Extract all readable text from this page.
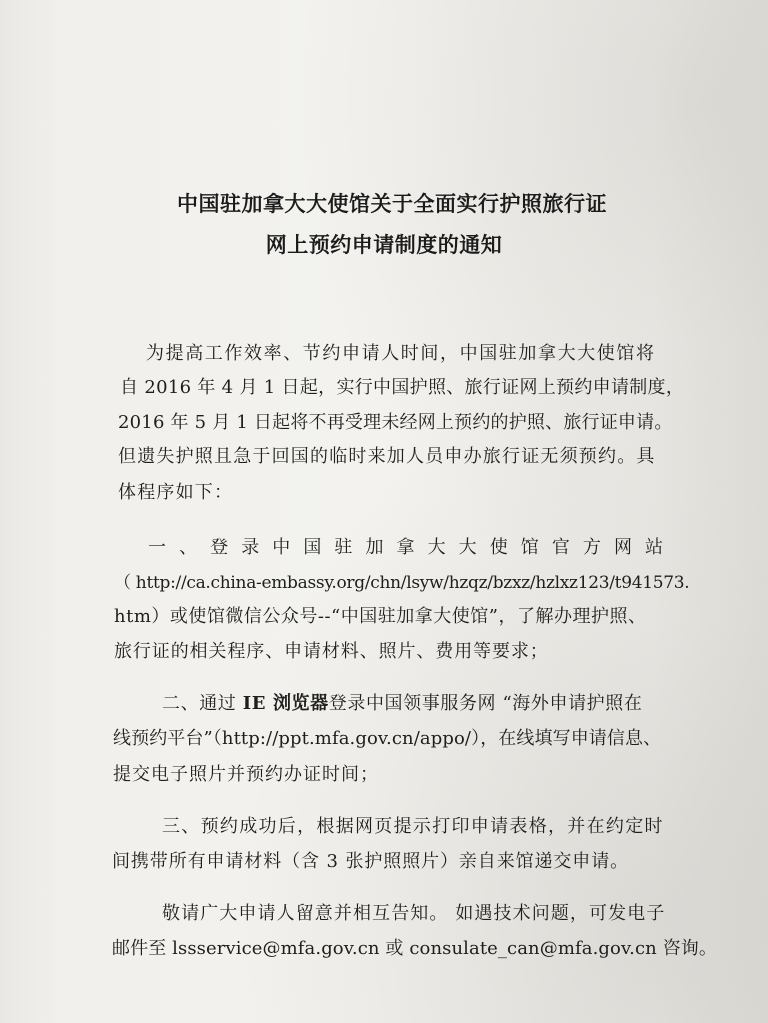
中国驻加拿大大使馆关于全面实行护照旅行证
网上预约申请制度的通知
为提高工作效率、节约申请人时间，中国驻加拿大大使馆将
自 2016 年 4 月 1 日起，实行中国护照、旅行证网上预约申请制度，
2016 年 5 月 1 日起将不再受理未经网上预约的护照、旅行证申请。
但遗失护照且急于回国的临时来加人员申办旅行证无须预约。具
体程序如下：
一 、 登 录 中 国 驻 加 拿 大 大 使 馆 官 方 网 站
（ http://ca.china-embassy.org/chn/lsyw/hzqz/bzxz/hzlxz123/t941573.
htm）或使馆微信公众号--“中国驻加拿大使馆”，了解办理护照、
旅行证的相关程序、申请材料、照片、费用等要求；
二、通过 IE 浏览器登录中国领事服务网 “海外申请护照在
线预约平台”（http://ppt.mfa.gov.cn/appo/），在线填写申请信息、
提交电子照片并预约办证时间；
三、预约成功后，根据网页提示打印申请表格，并在约定时
间携带所有申请材料（含 3 张护照照片）亲自来馆递交申请。
敬请广大申请人留意并相互告知。 如遇技术问题，可发电子
邮件至 lssservice@mfa.gov.cn 或 consulate_can@mfa.gov.cn 咨询。
